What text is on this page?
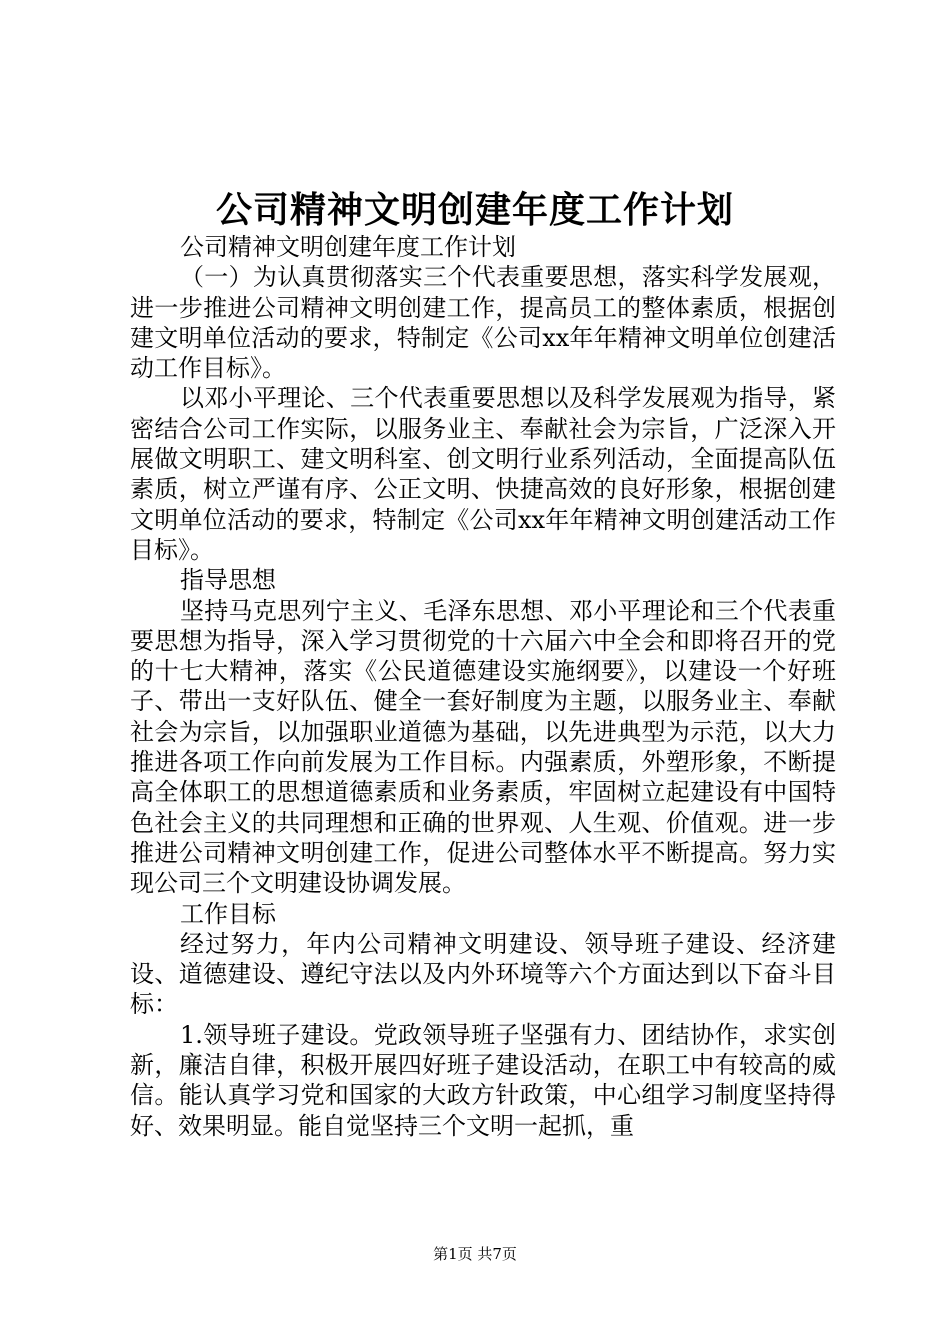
公司精神文明创建年度工作计划

公司精神文明创建年度工作计划

（一）为认真贯彻落实三个代表重要思想，落实科学发展观，进一步推进公司精神文明创建工作，提高员工的整体素质，根据创建文明单位活动的要求，特制定《公司xx年年精神文明单位创建活动工作目标》。

以邓小平理论、三个代表重要思想以及科学发展观为指导，紧密结合公司工作实际，以服务业主、奉献社会为宗旨，广泛深入开展做文明职工、建文明科室、创文明行业系列活动，全面提高队伍素质，树立严谨有序、公正文明、快捷高效的良好形象，根据创建文明单位活动的要求，特制定《公司xx年年精神文明创建活动工作目标》。

指导思想

坚持马克思列宁主义、毛泽东思想、邓小平理论和三个代表重要思想为指导，深入学习贯彻党的十六届六中全会和即将召开的党的十七大精神，落实《公民道德建设实施纲要》，以建设一个好班子、带出一支好队伍、健全一套好制度为主题，以服务业主、奉献社会为宗旨，以加强职业道德为基础，以先进典型为示范，以大力推进各项工作向前发展为工作目标。内强素质，外塑形象，不断提高全体职工的思想道德素质和业务素质，牢固树立起建设有中国特色社会主义的共同理想和正确的世界观、人生观、价值观。进一步推进公司精神文明创建工作，促进公司整体水平不断提高。努力实现公司三个文明建设协调发展。

工作目标

经过努力，年内公司精神文明建设、领导班子建设、经济建设、道德建设、遵纪守法以及内外环境等六个方面达到以下奋斗目标：

1.领导班子建设。党政领导班子坚强有力、团结协作，求实创新，廉洁自律，积极开展四好班子建设活动，在职工中有较高的威信。能认真学习党和国家的大政方针政策，中心组学习制度坚持得好、效果明显。能自觉坚持三个文明一起抓，重

第1页 共7页
